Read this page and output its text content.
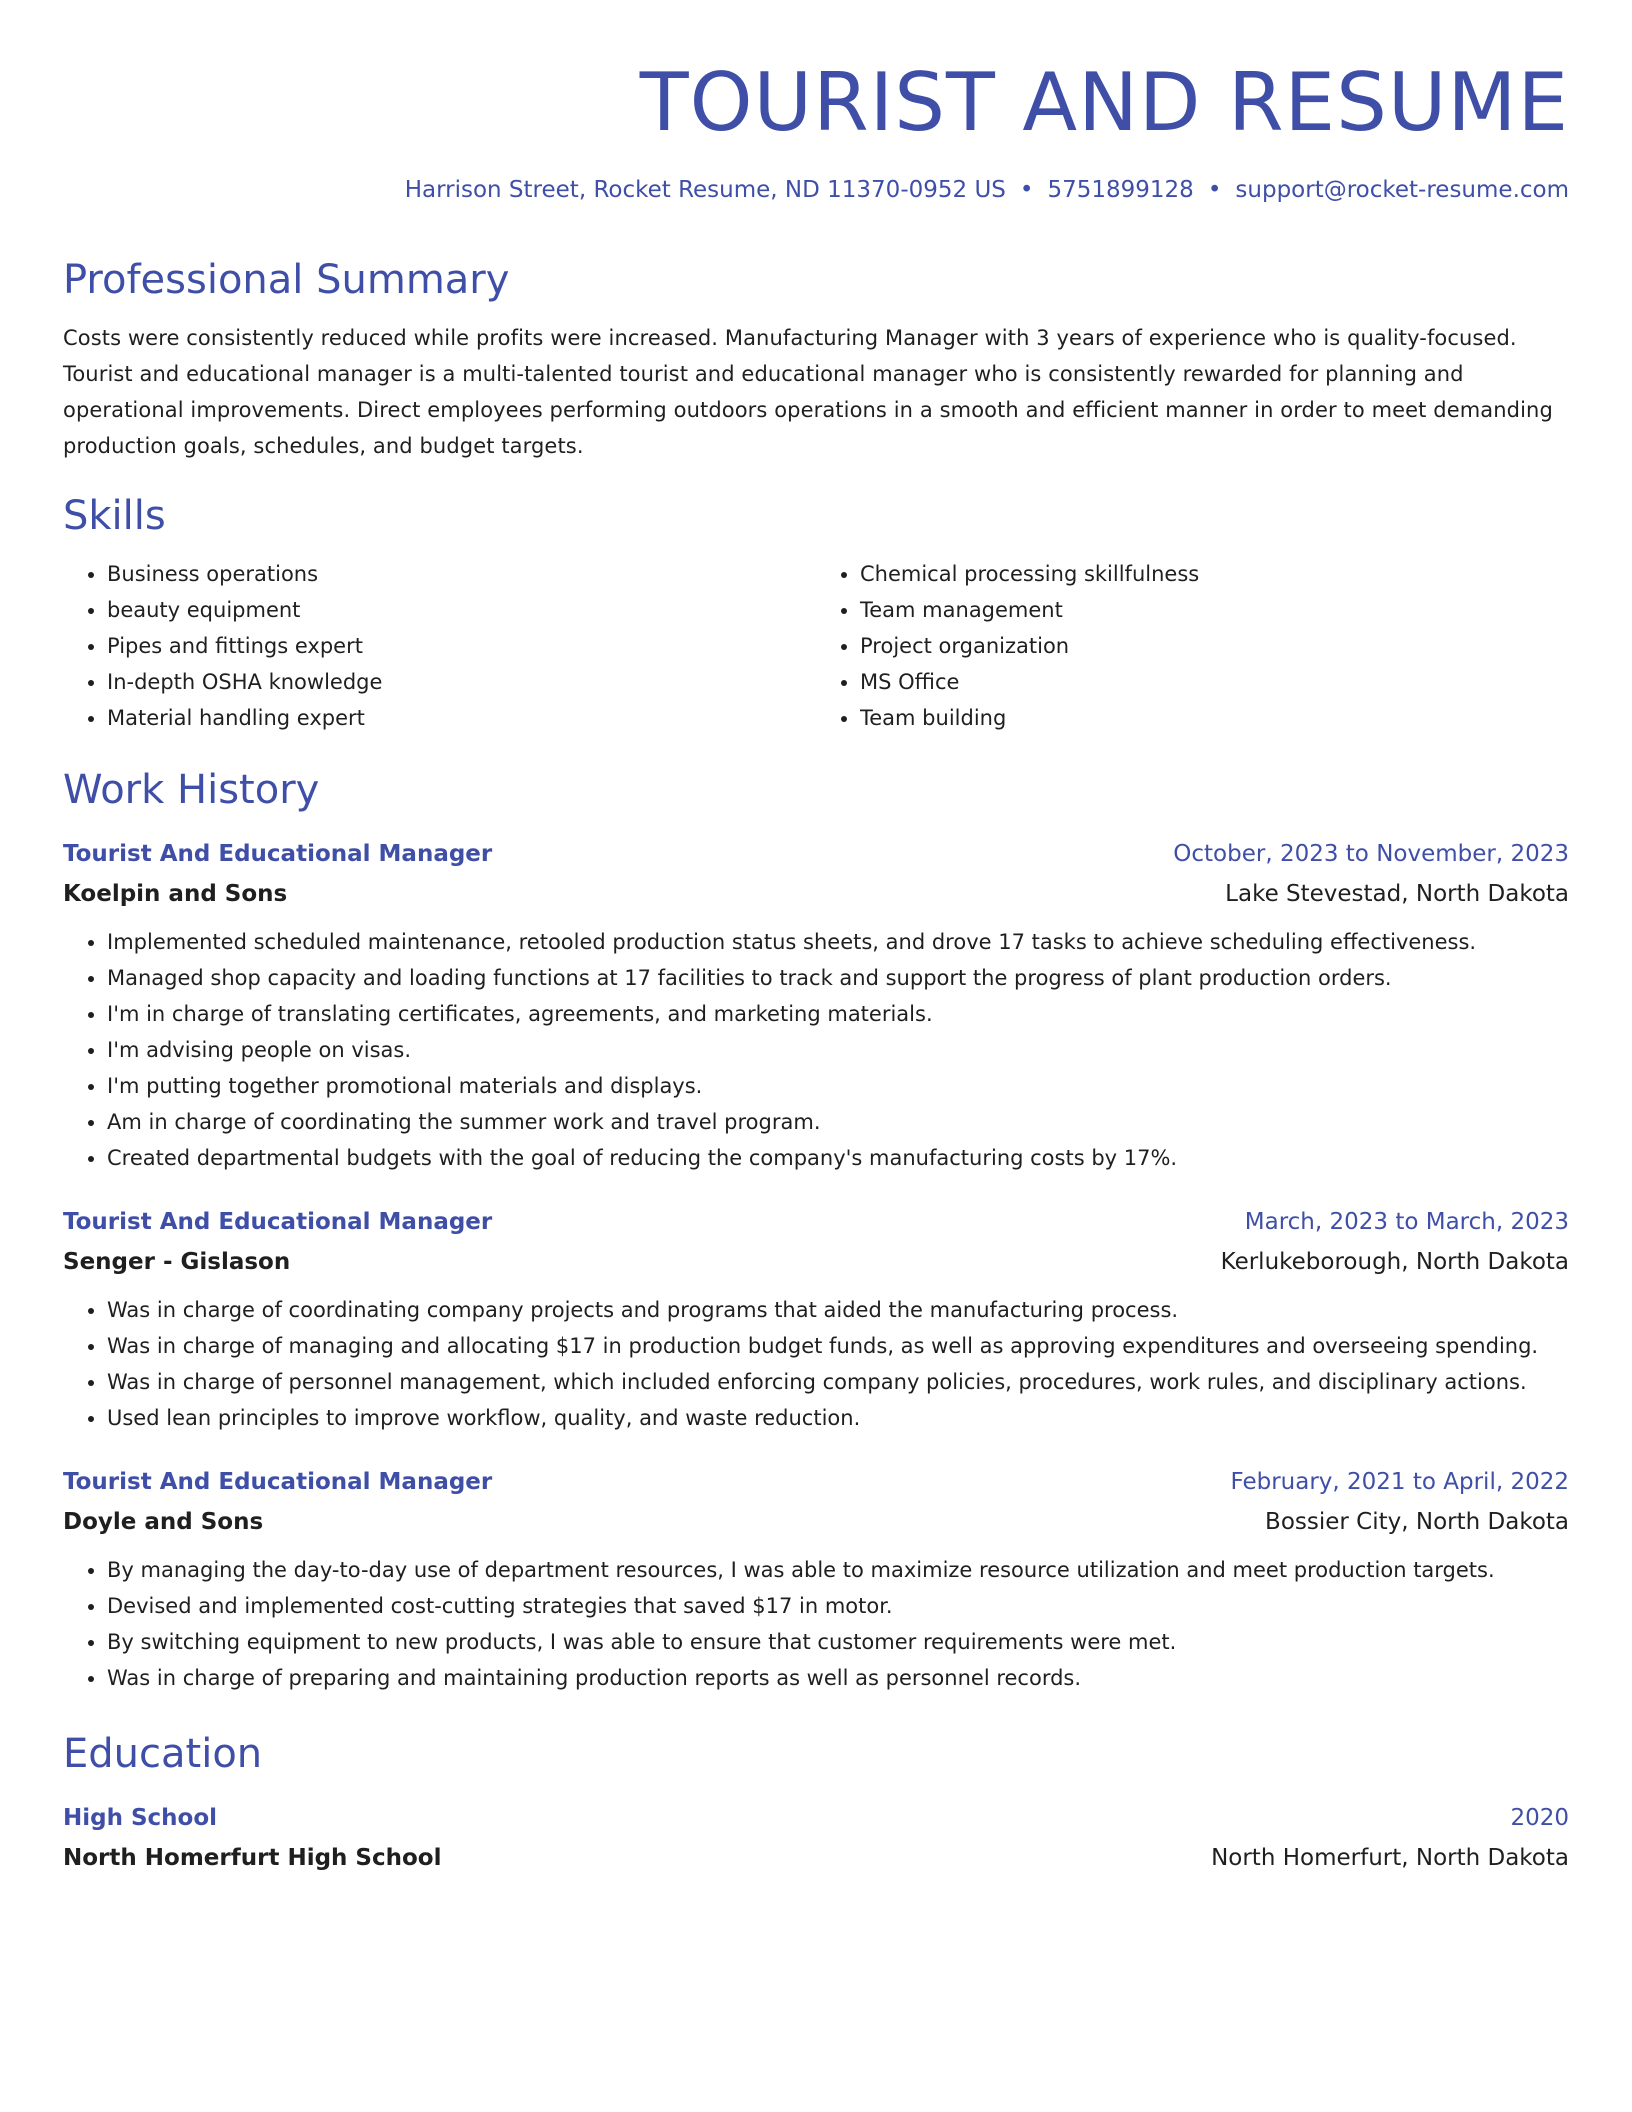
TOURIST AND RESUME
Harrison Street, Rocket Resume, ND 11370-0952 US • 5751899128 • support@rocket-resume.com
Professional Summary
Costs were consistently reduced while profits were increased. Manufacturing Manager with 3 years of experience who is quality-focused. Tourist and educational manager is a multi-talented tourist and educational manager who is consistently rewarded for planning and operational improvements. Direct employees performing outdoors operations in a smooth and efficient manner in order to meet demanding production goals, schedules, and budget targets.
Skills
• Business operations
• beauty equipment
• Pipes and fittings expert
• In-depth OSHA knowledge
• Material handling expert
• Chemical processing skillfulness
• Team management
• Project organization
• MS Office
• Team building
Work History
Tourist And Educational Manager	October, 2023 to November, 2023
Koelpin and Sons	Lake Stevestad, North Dakota
• Implemented scheduled maintenance, retooled production status sheets, and drove 17 tasks to achieve scheduling effectiveness.
• Managed shop capacity and loading functions at 17 facilities to track and support the progress of plant production orders.
• I'm in charge of translating certificates, agreements, and marketing materials.
• I'm advising people on visas.
• I'm putting together promotional materials and displays.
• Am in charge of coordinating the summer work and travel program.
• Created departmental budgets with the goal of reducing the company's manufacturing costs by 17%.
Tourist And Educational Manager	March, 2023 to March, 2023
Senger - Gislason	Kerlukeborough, North Dakota
• Was in charge of coordinating company projects and programs that aided the manufacturing process.
• Was in charge of managing and allocating $17 in production budget funds, as well as approving expenditures and overseeing spending.
• Was in charge of personnel management, which included enforcing company policies, procedures, work rules, and disciplinary actions.
• Used lean principles to improve workflow, quality, and waste reduction.
Tourist And Educational Manager	February, 2021 to April, 2022
Doyle and Sons	Bossier City, North Dakota
• By managing the day-to-day use of department resources, I was able to maximize resource utilization and meet production targets.
• Devised and implemented cost-cutting strategies that saved $17 in motor.
• By switching equipment to new products, I was able to ensure that customer requirements were met.
• Was in charge of preparing and maintaining production reports as well as personnel records.
Education
High School	2020
North Homerfurt High School	North Homerfurt, North Dakota
